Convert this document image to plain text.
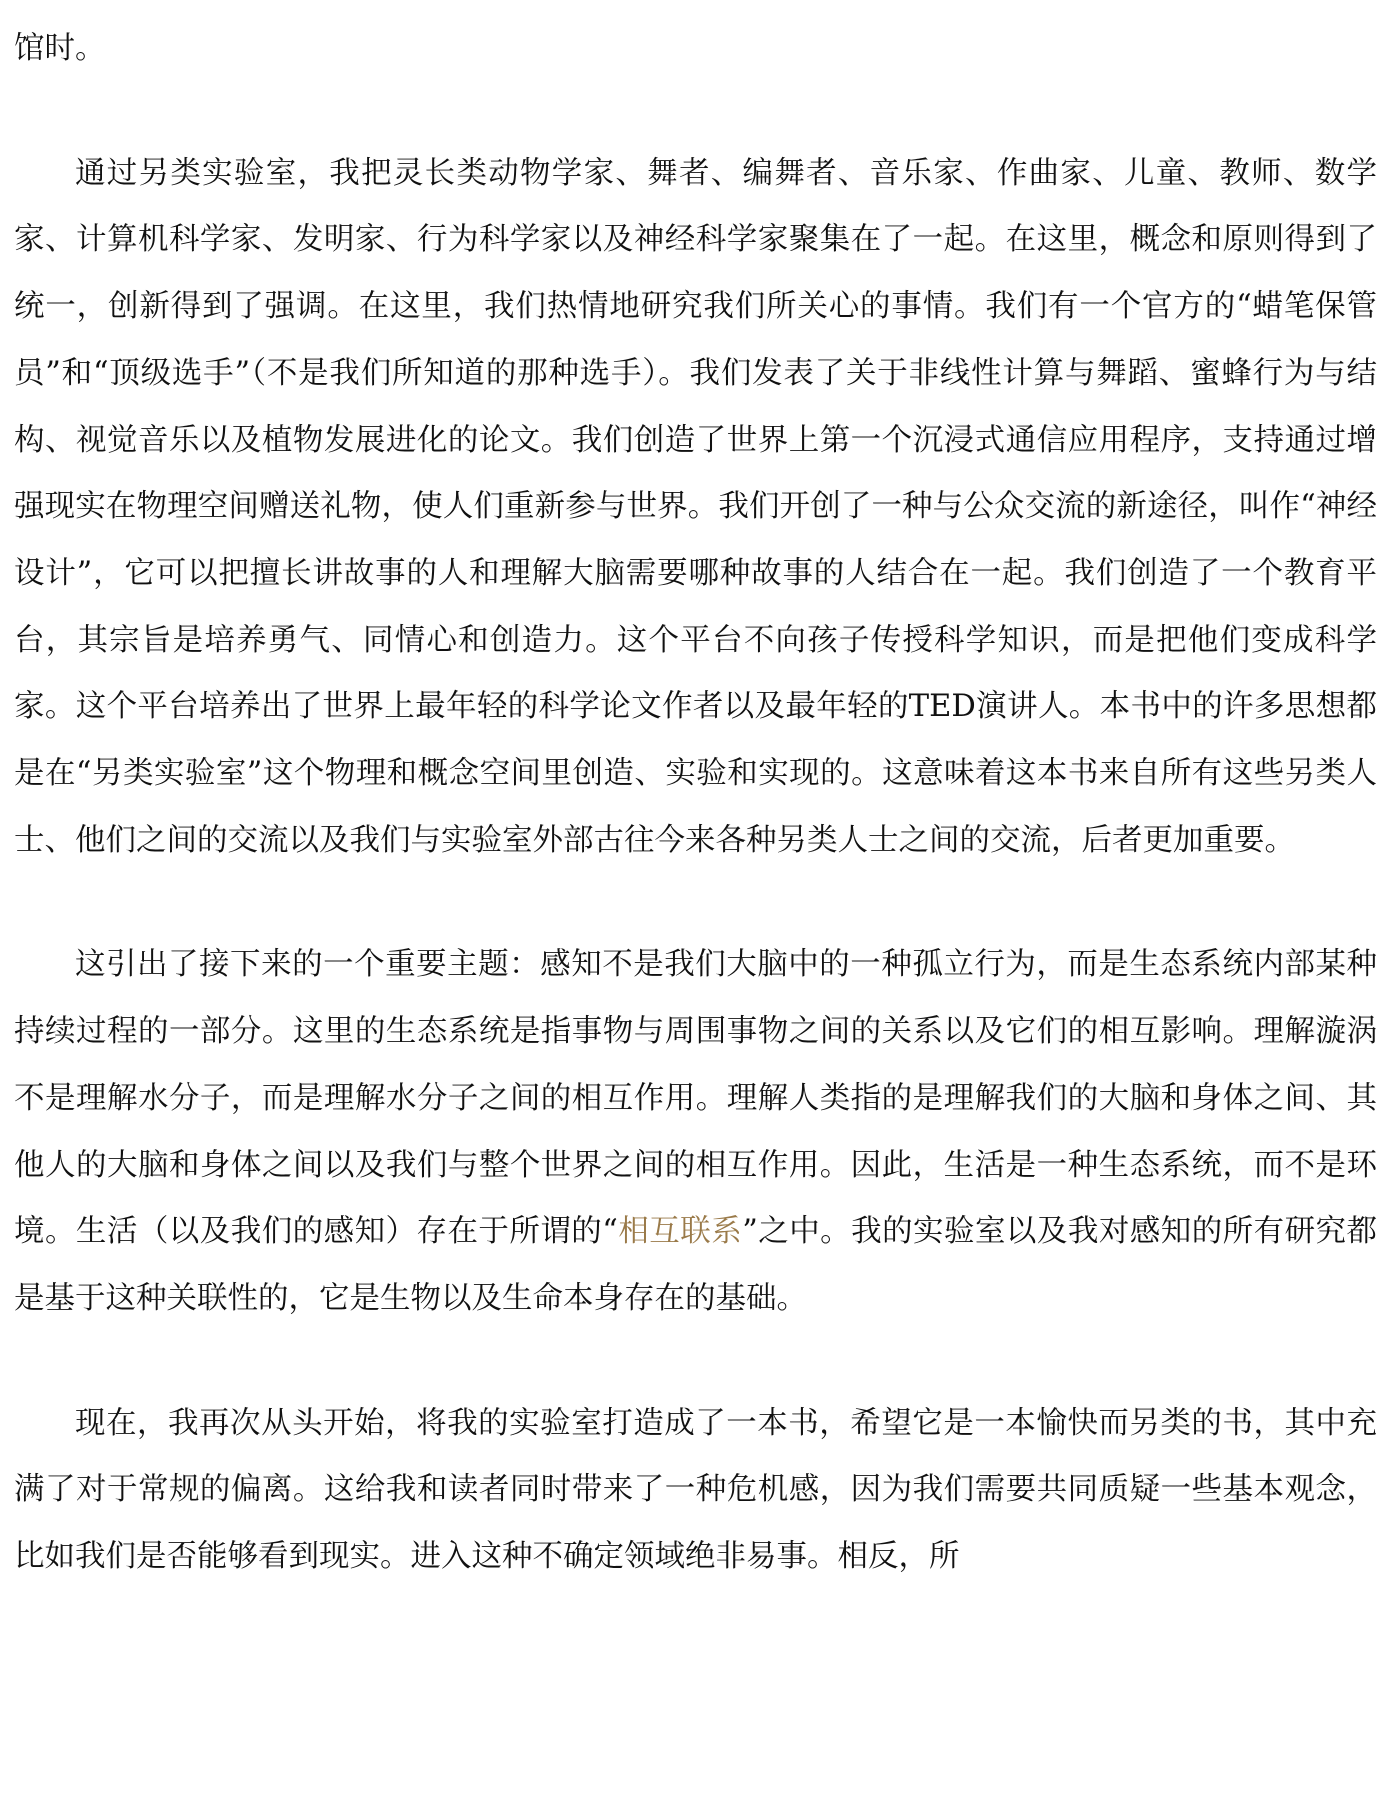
馆时。

通过另类实验室，我把灵长类动物学家、舞者、编舞者、音乐家、作曲家、儿童、教师、数学家、计算机科学家、发明家、行为科学家以及神经科学家聚集在了一起。在这里，概念和原则得到了统一，创新得到了强调。在这里，我们热情地研究我们所关心的事情。我们有一个官方的“蜡笔保管员”和“顶级选手”（不是我们所知道的那种选手）。我们发表了关于非线性计算与舞蹈、蜜蜂行为与结构、视觉音乐以及植物发展进化的论文。我们创造了世界上第一个沉浸式通信应用程序，支持通过增强现实在物理空间赠送礼物，使人们重新参与世界。我们开创了一种与公众交流的新途径，叫作“神经设计”，它可以把擅长讲故事的人和理解大脑需要哪种故事的人结合在一起。我们创造了一个教育平台，其宗旨是培养勇气、同情心和创造力。这个平台不向孩子传授科学知识，而是把他们变成科学家。这个平台培养出了世界上最年轻的科学论文作者以及最年轻的TED演讲人。本书中的许多思想都是在“另类实验室”这个物理和概念空间里创造、实验和实现的。这意味着这本书来自所有这些另类人士、他们之间的交流以及我们与实验室外部古往今来各种另类人士之间的交流，后者更加重要。

这引出了接下来的一个重要主题：感知不是我们大脑中的一种孤立行为，而是生态系统内部某种持续过程的一部分。这里的生态系统是指事物与周围事物之间的关系以及它们的相互影响。理解漩涡不是理解水分子，而是理解水分子之间的相互作用。理解人类指的是理解我们的大脑和身体之间、其他人的大脑和身体之间以及我们与整个世界之间的相互作用。因此，生活是一种生态系统，而不是环境。生活（以及我们的感知）存在于所谓的“相互联系”之中。我的实验室以及我对感知的所有研究都是基于这种关联性的，它是生物以及生命本身存在的基础。

现在，我再次从头开始，将我的实验室打造成了一本书，希望它是一本愉快而另类的书，其中充满了对于常规的偏离。这给我和读者同时带来了一种危机感，因为我们需要共同质疑一些基本观念，比如我们是否能够看到现实。进入这种不确定领域绝非易事。相反，所
